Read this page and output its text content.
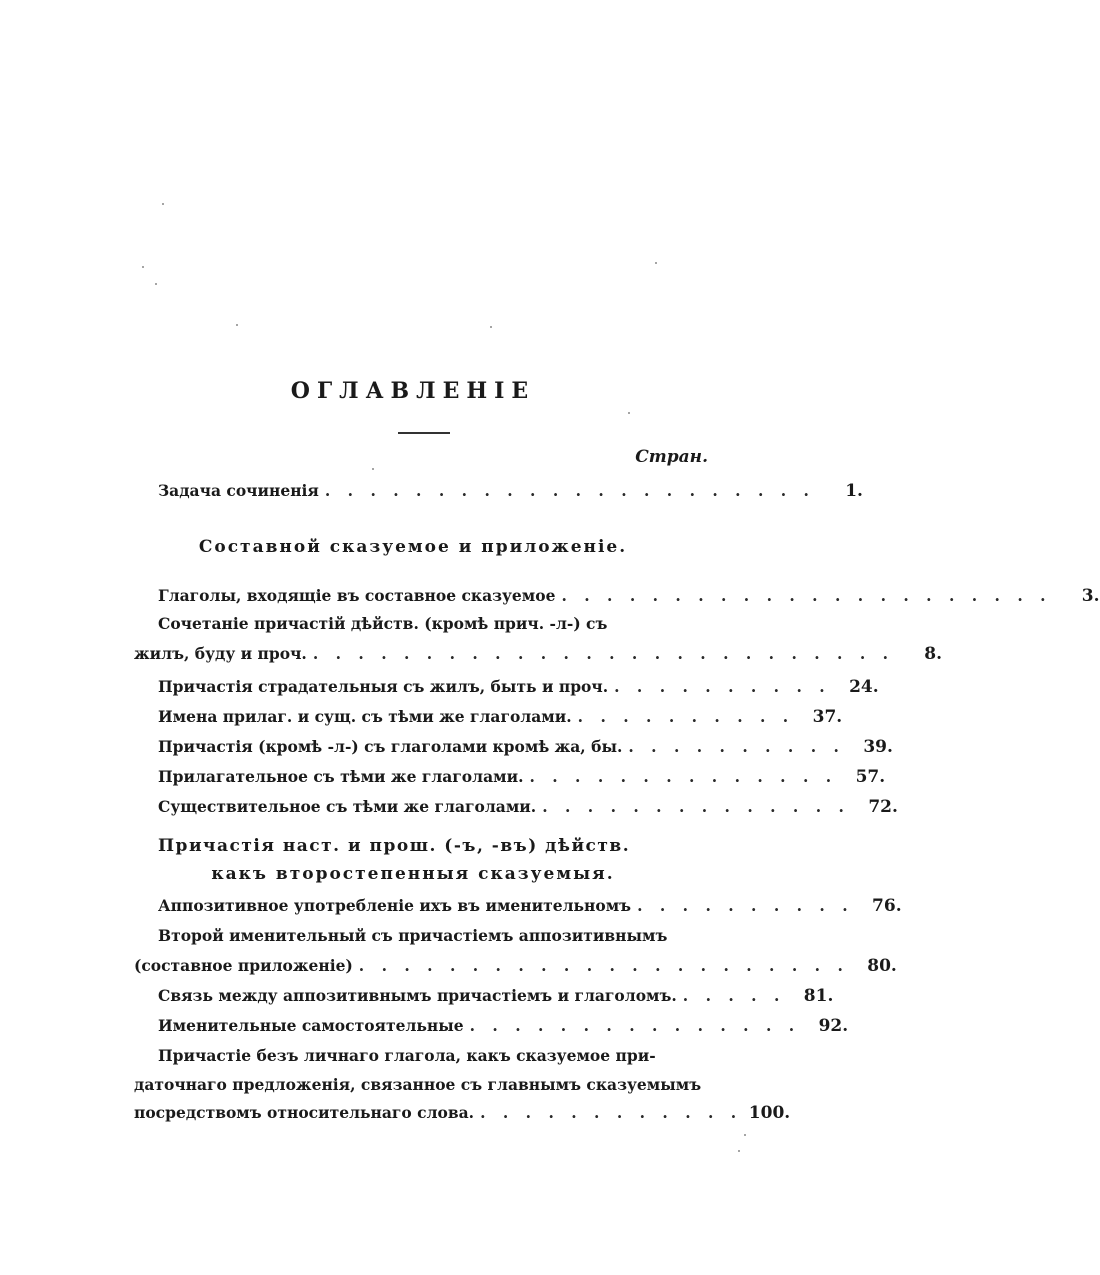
ОГЛАВЛЕНIЕ
Стран.
Задача сочиненія . . . . . . . . . . . . . . . . . . . . . .	1.
Составной сказуемое и приложеніе.
Глаголы, входящіе въ составное сказуемое . . . . . . . . . . . . . . . . . . . . . .	3.
Сочетаніе причастій дѣйств. (кромѣ прич. -л-) съ
жилъ, буду и проч. . . . . . . . . . . . . . . . . . . . . . . . . . .	8.
Причастія страдательныя съ жилъ, быть и проч. . . . . . . . . . .	24.
Имена прилаг. и сущ. съ тѣми же глаголами. . . . . . . . . . .	37.
Причастія (кромѣ -л-) съ глаголами кромѣ жа, бы. . . . . . . . . . .	39.
Прилагательное съ тѣми же глаголами. . . . . . . . . . . . . . .	57.
Существительное съ тѣми же глаголами. . . . . . . . . . . . . . .	72.
Причастія наст. и прош. (-ъ, -въ) дѣйств.
какъ второстепенныя сказуемыя.
Аппозитивное употребленіе ихъ въ именительномъ . . . . . . . . . .	76.
Второй именительный съ причастіемъ аппозитивнымъ
(составное приложеніе) . . . . . . . . . . . . . . . . . . . . . .	80.
Связь между аппозитивнымъ причастіемъ и глаголомъ. . . . . .	81.
Именительные самостоятельные . . . . . . . . . . . . . . .	92.
Причастіе безъ личнаго глагола, какъ сказуемое при-
даточнаго предложенія, связанное съ главнымъ сказуемымъ
посредствомъ относительнаго слова. . . . . . . . . . . . . 100.
